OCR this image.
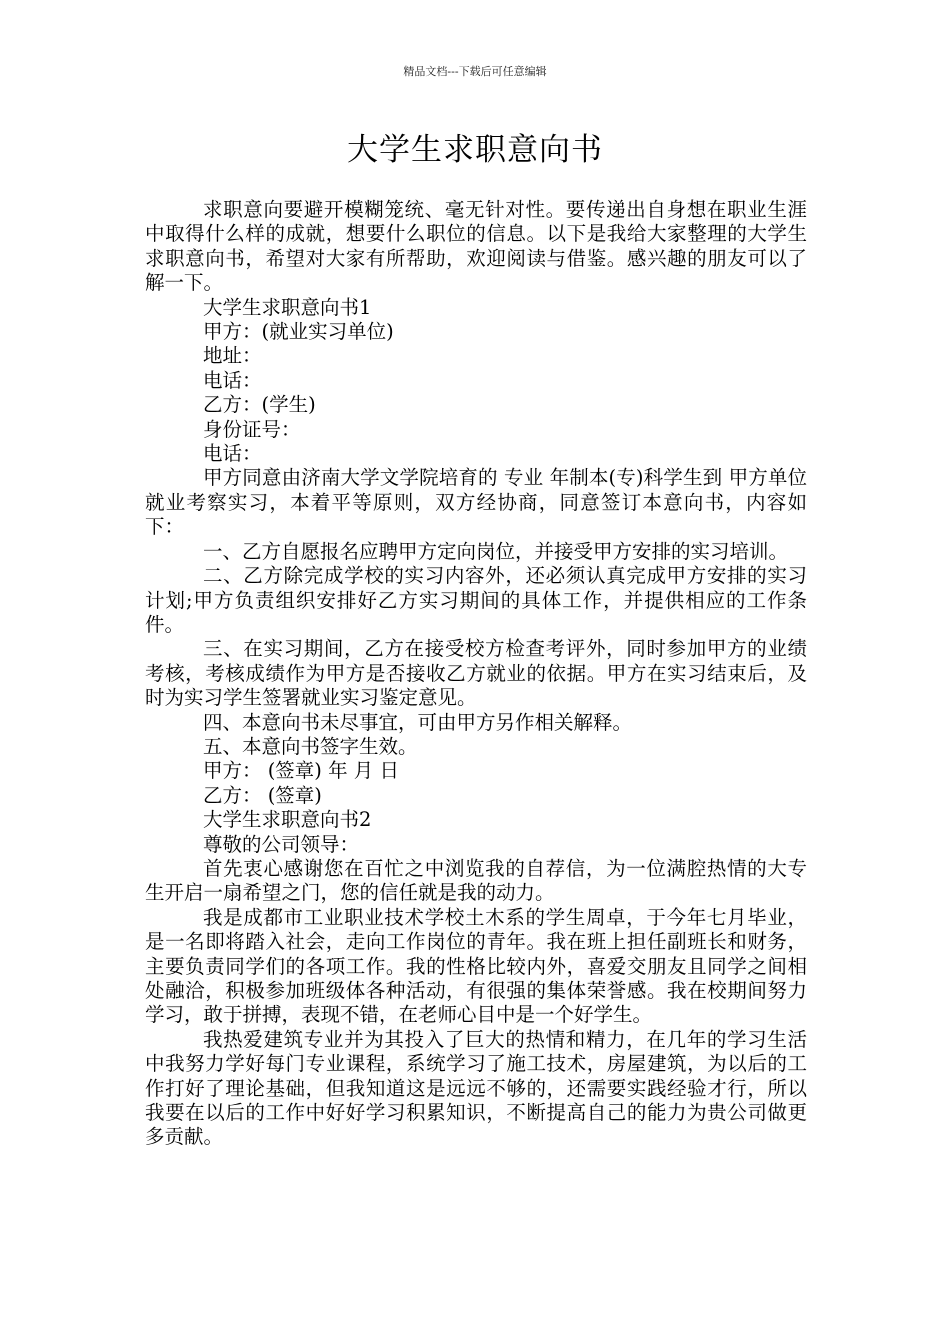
精品文档---下载后可任意编辑
大学生求职意向书

求职意向要避开模糊笼统、毫无针对性。要传递出自身想在职业生涯中取得什么样的成就，想要什么职位的信息。以下是我给大家整理的大学生求职意向书，希望对大家有所帮助，欢迎阅读与借鉴。感兴趣的朋友可以了解一下。

大学生求职意向书1

甲方：(就业实习单位)

地址：

电话：

乙方：(学生)

身份证号：

电话：

甲方同意由济南大学文学院培育的 专业 年制本(专)科学生到 甲方单位就业考察实习，本着平等原则，双方经协商，同意签订本意向书，内容如下：

一、乙方自愿报名应聘甲方定向岗位，并接受甲方安排的实习培训。

二、乙方除完成学校的实习内容外，还必须认真完成甲方安排的实习计划;甲方负责组织安排好乙方实习期间的具体工作，并提供相应的工作条件。

三、在实习期间，乙方在接受校方检查考评外，同时参加甲方的业绩考核，考核成绩作为甲方是否接收乙方就业的依据。甲方在实习结束后，及时为实习学生签署就业实习鉴定意见。

四、本意向书未尽事宜，可由甲方另作相关解释。

五、本意向书签字生效。

甲方： (签章) 年 月 日

乙方： (签章)

大学生求职意向书2

尊敬的公司领导：

首先衷心感谢您在百忙之中浏览我的自荐信，为一位满腔热情的大专生开启一扇希望之门，您的信任就是我的动力。

我是成都市工业职业技术学校土木系的学生周卓，于今年七月毕业，是一名即将踏入社会，走向工作岗位的青年。我在班上担任副班长和财务，主要负责同学们的各项工作。我的性格比较内外，喜爱交朋友且同学之间相处融洽，积极参加班级体各种活动，有很强的集体荣誉感。我在校期间努力学习，敢于拼搏，表现不错，在老师心目中是一个好学生。

我热爱建筑专业并为其投入了巨大的热情和精力，在几年的学习生活中我努力学好每门专业课程，系统学习了施工技术，房屋建筑，为以后的工作打好了理论基础，但我知道这是远远不够的，还需要实践经验才行，所以我要在以后的工作中好好学习积累知识，不断提高自己的能力为贵公司做更多贡献。
